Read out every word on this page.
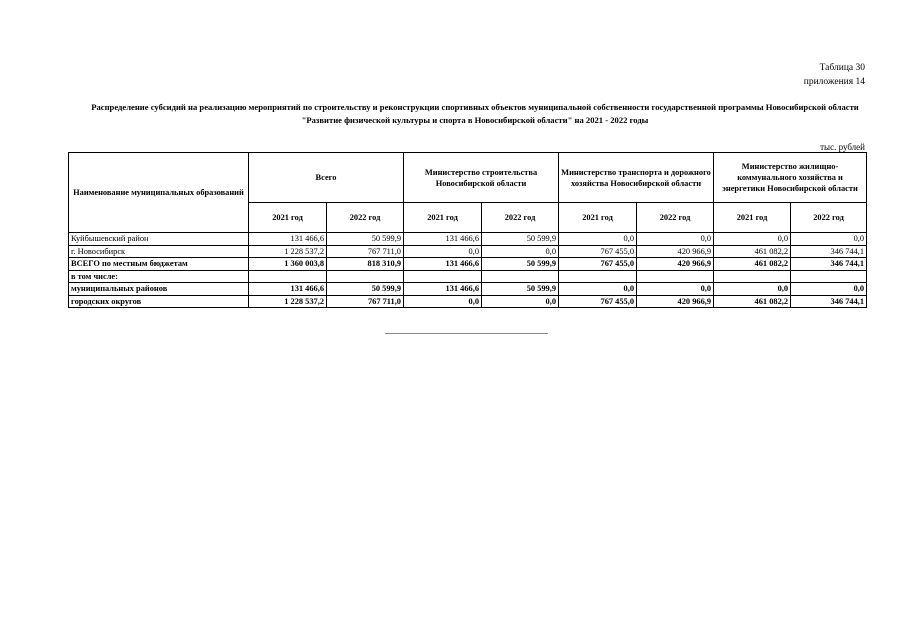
Таблица 30
приложения 14
Распределение субсидий на реализацию мероприятий по строительству и реконструкции спортивных объектов муниципальной собственности государственной программы Новосибирской области "Развитие физической культуры и спорта в Новосибирской области" на 2021 - 2022 годы
тыс. рублей
Наименование муниципальных образований	Всего		Министерство строительства Новосибирской области		Министерство транспорта и дорожного хозяйства Новосибирской области		Министерство жилищно-коммунального хозяйства и энергетики Новосибирской области	
	2021 год	2022 год	2021 год	2022 год	2021 год	2022 год	2021 год	2022 год
Куйбышевский район	131 466,6	50 599,9	131 466,6	50 599,9	0,0	0,0	0,0	0,0
г. Новосибирск	1 228 537,2	767 711,0	0,0	0,0	767 455,0	420 966,9	461 082,2	346 744,1
ВСЕГО по местным бюджетам	1 360 003,8	818 310,9	131 466,6	50 599,9	767 455,0	420 966,9	461 082,2	346 744,1
в том числе:								
муниципальных районов	131 466,6	50 599,9	131 466,6	50 599,9	0,0	0,0	0,0	0,0
городских округов	1 228 537,2	767 711,0	0,0	0,0	767 455,0	420 966,9	461 082,2	346 744,1
